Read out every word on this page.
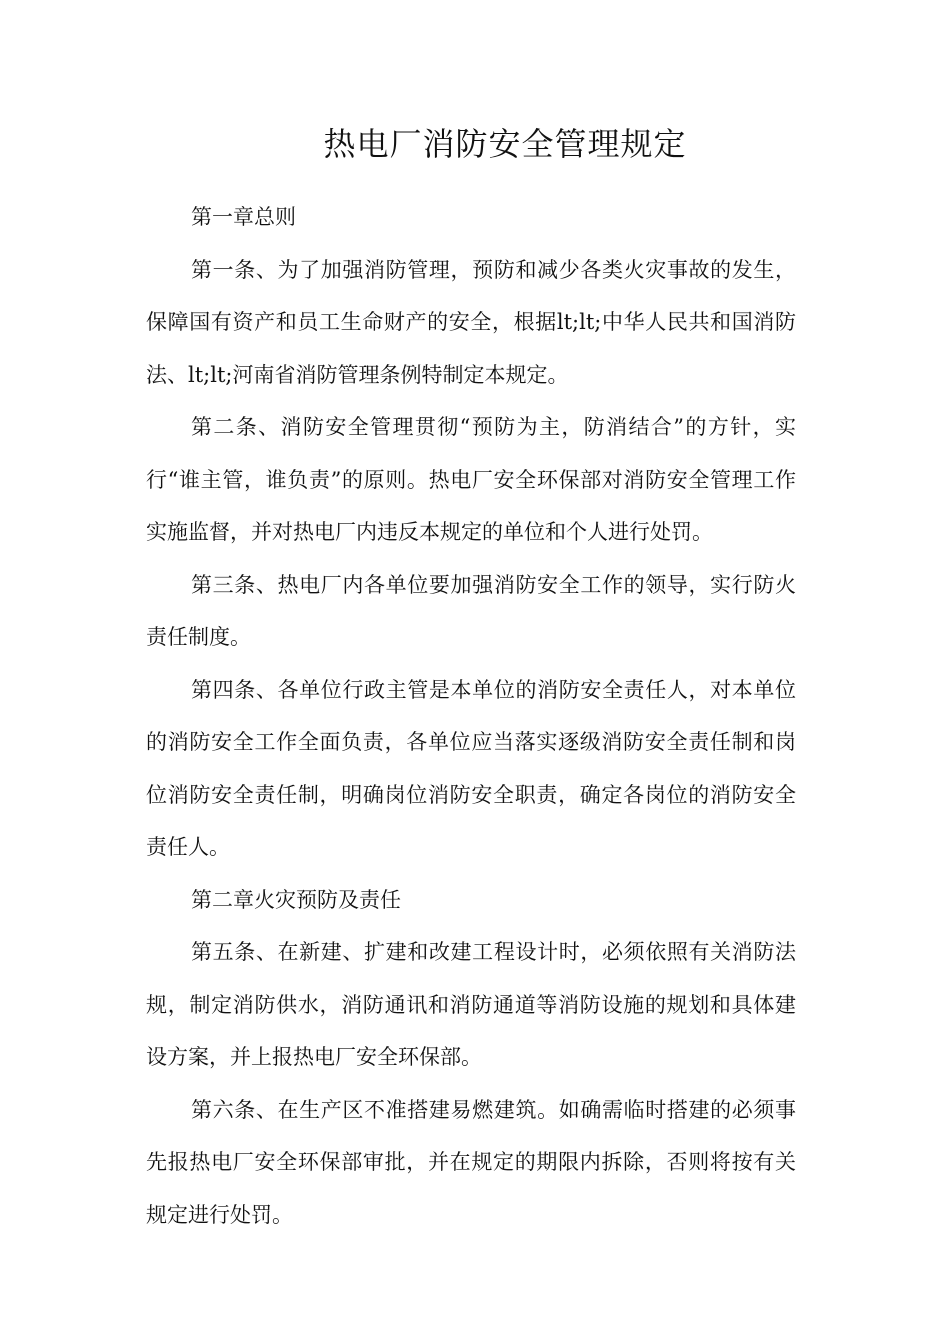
热电厂消防安全管理规定

第一章总则

第一条、为了加强消防管理，预防和减少各类火灾事故的发生，保障国有资产和员工生命财产的安全，根据lt;lt;中华人民共和国消防法、lt;lt;河南省消防管理条例特制定本规定。

第二条、消防安全管理贯彻“预防为主，防消结合”的方针，实行“谁主管，谁负责”的原则。热电厂安全环保部对消防安全管理工作实施监督，并对热电厂内违反本规定的单位和个人进行处罚。

第三条、热电厂内各单位要加强消防安全工作的领导，实行防火责任制度。

第四条、各单位行政主管是本单位的消防安全责任人，对本单位的消防安全工作全面负责，各单位应当落实逐级消防安全责任制和岗位消防安全责任制，明确岗位消防安全职责，确定各岗位的消防安全责任人。

第二章火灾预防及责任

第五条、在新建、扩建和改建工程设计时，必须依照有关消防法规，制定消防供水，消防通讯和消防通道等消防设施的规划和具体建设方案，并上报热电厂安全环保部。

第六条、在生产区不准搭建易燃建筑。如确需临时搭建的必须事先报热电厂安全环保部审批，并在规定的期限内拆除，否则将按有关规定进行处罚。
